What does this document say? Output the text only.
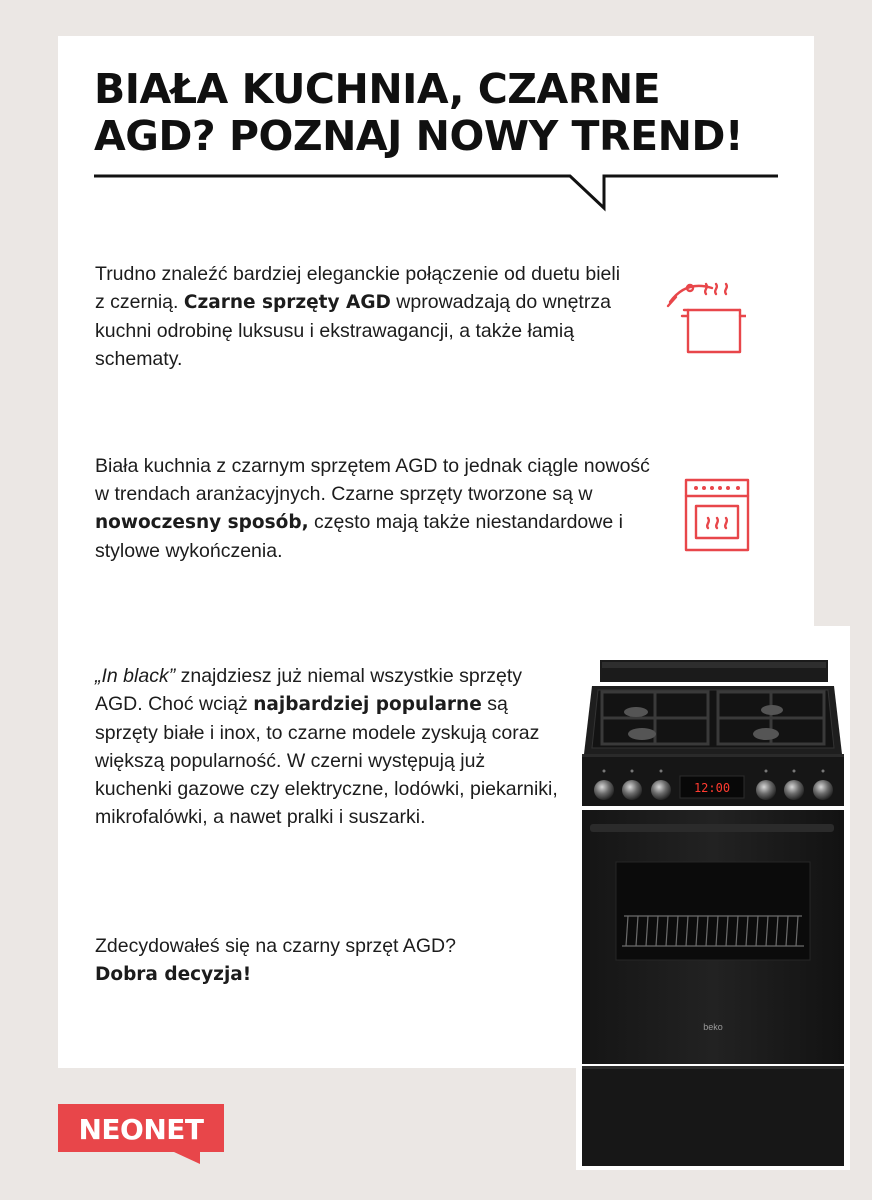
BIAŁA KUCHNIA, CZARNE
AGD? POZNAJ NOWY TREND!

Trudno znaleźć bardziej eleganckie połączenie od duetu bieli z czernią. Czarne sprzęty AGD wprowadzają do wnętrza kuchni odrobinę luksusu i ekstrawagancji, a także łamią schematy.

Biała kuchnia z czarnym sprzętem AGD to jednak ciągle nowość w trendach aranżacyjnych. Czarne sprzęty tworzone są w nowoczesny sposób, często mają także niestandardowe i stylowe wykończenia.

„In black” znajdziesz już niemal wszystkie sprzęty AGD. Choć wciąż najbardziej popularne są sprzęty białe i inox, to czarne modele zyskują coraz większą popularność. W czerni występują już kuchenki gazowe czy elektryczne, lodówki, piekarniki, mikrofalówki, a nawet pralki i suszarki.

Zdecydowałeś się na czarny sprzęt AGD?
Dobra decyzja!

12:00
beko
NEONET
